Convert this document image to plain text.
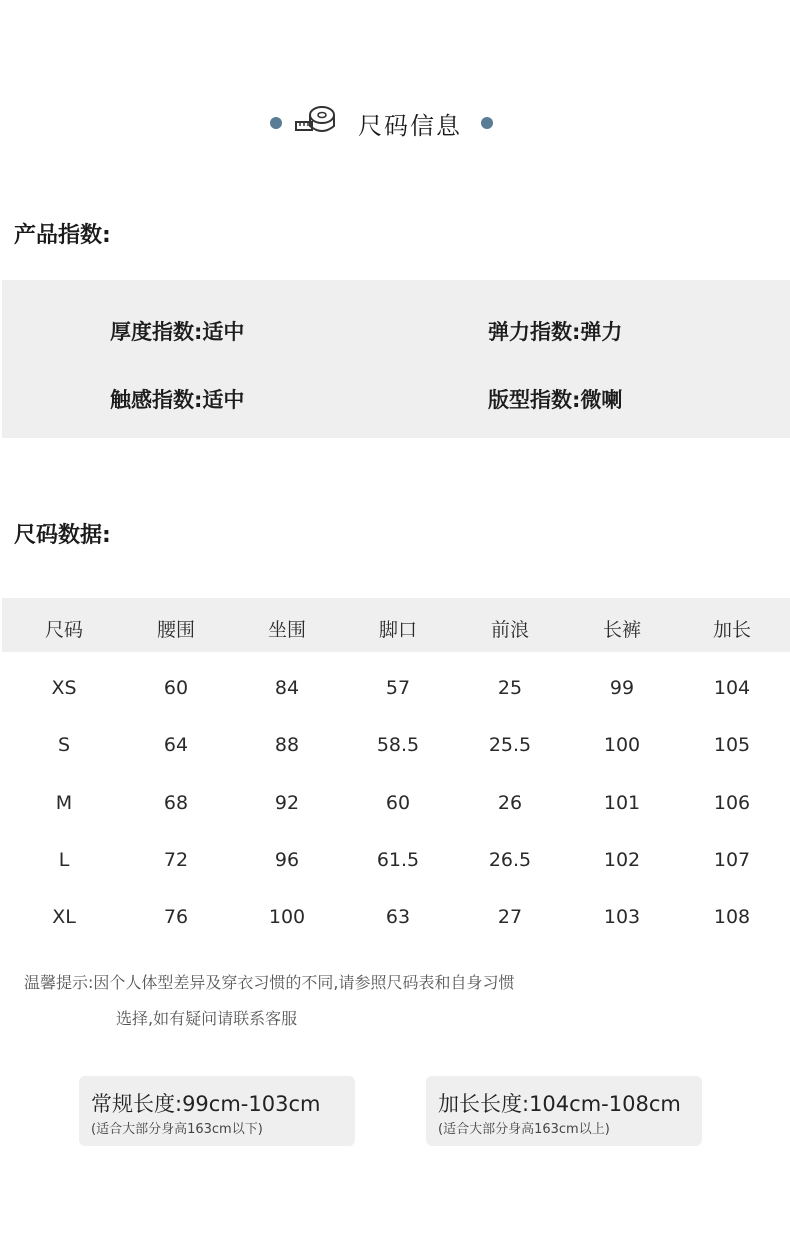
尺码信息
产品指数:
厚度指数:适中	弹力指数:弹力
触感指数:适中	版型指数:微喇
尺码数据:
尺码	腰围	坐围	脚口	前浪	长裤	加长
XS	60	84	57	25	99	104
S	64	88	58.5	25.5	100	105
M	68	92	60	26	101	106
L	72	96	61.5	26.5	102	107
XL	76	100	63	27	103	108
温馨提示:因个人体型差异及穿衣习惯的不同,请参照尺码表和自身习惯
选择,如有疑问请联系客服
常规长度:99cm-103cm
(适合大部分身高163cm以下)
加长长度:104cm-108cm
(适合大部分身高163cm以上)
